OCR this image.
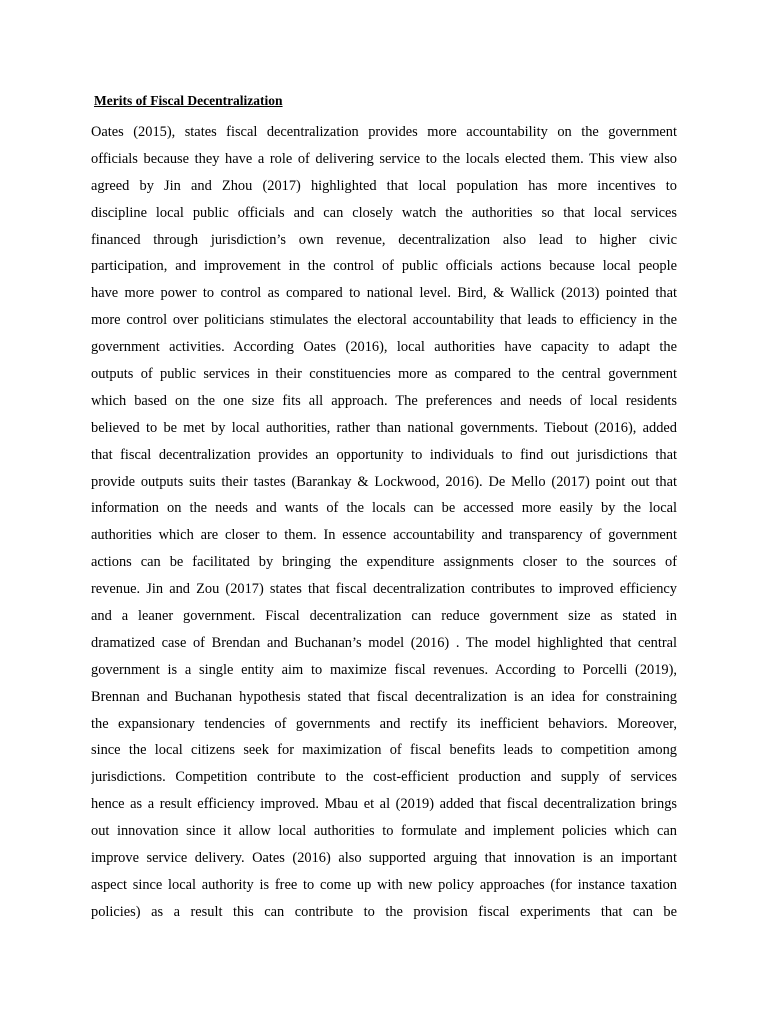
Merits of Fiscal Decentralization
Oates (2015), states fiscal decentralization provides more accountability on the government
officials because they have a role of delivering service to the locals elected them. This view also
agreed by Jin and Zhou (2017) highlighted that local population has more incentives to
discipline local public officials and can closely watch the authorities so that local services
financed through jurisdiction’s own revenue, decentralization also lead to higher civic
participation, and improvement in the control of public officials actions because local people
have more power to control as compared to national level. Bird, & Wallick (2013) pointed that
more control over politicians stimulates the electoral accountability that leads to efficiency in the
government activities. According Oates (2016), local authorities have capacity to adapt the
outputs of public services in their constituencies more as compared to the central government
which based on the one size fits all approach. The preferences and needs of local residents
believed to be met by local authorities, rather than national governments. Tiebout (2016), added
that fiscal decentralization provides an opportunity to individuals to find out jurisdictions that
provide outputs suits their tastes (Barankay & Lockwood, 2016). De Mello (2017) point out that
information on the needs and wants of the locals can be accessed more easily by the local
authorities which are closer to them. In essence accountability and transparency of government
actions can be facilitated by bringing the expenditure assignments closer to the sources of
revenue. Jin and Zou (2017) states that fiscal decentralization contributes to improved efficiency
and a leaner government. Fiscal decentralization can reduce government size as stated in
dramatized case of Brendan and Buchanan’s model (2016) . The model highlighted that central
government is a single entity aim to maximize fiscal revenues. According to Porcelli (2019),
Brennan and Buchanan hypothesis stated that fiscal decentralization is an idea for constraining
the expansionary tendencies of governments and rectify its inefficient behaviors. Moreover,
since the local citizens seek for maximization of fiscal benefits leads to competition among
jurisdictions. Competition contribute to the cost-efficient production and supply of services
hence as a result efficiency improved. Mbau et al (2019) added that fiscal decentralization brings
out innovation since it allow local authorities to formulate and implement policies which can
improve service delivery. Oates (2016) also supported arguing that innovation is an important
aspect since local authority is free to come up with new policy approaches (for instance taxation
policies) as a result this can contribute to the provision fiscal experiments that can be
